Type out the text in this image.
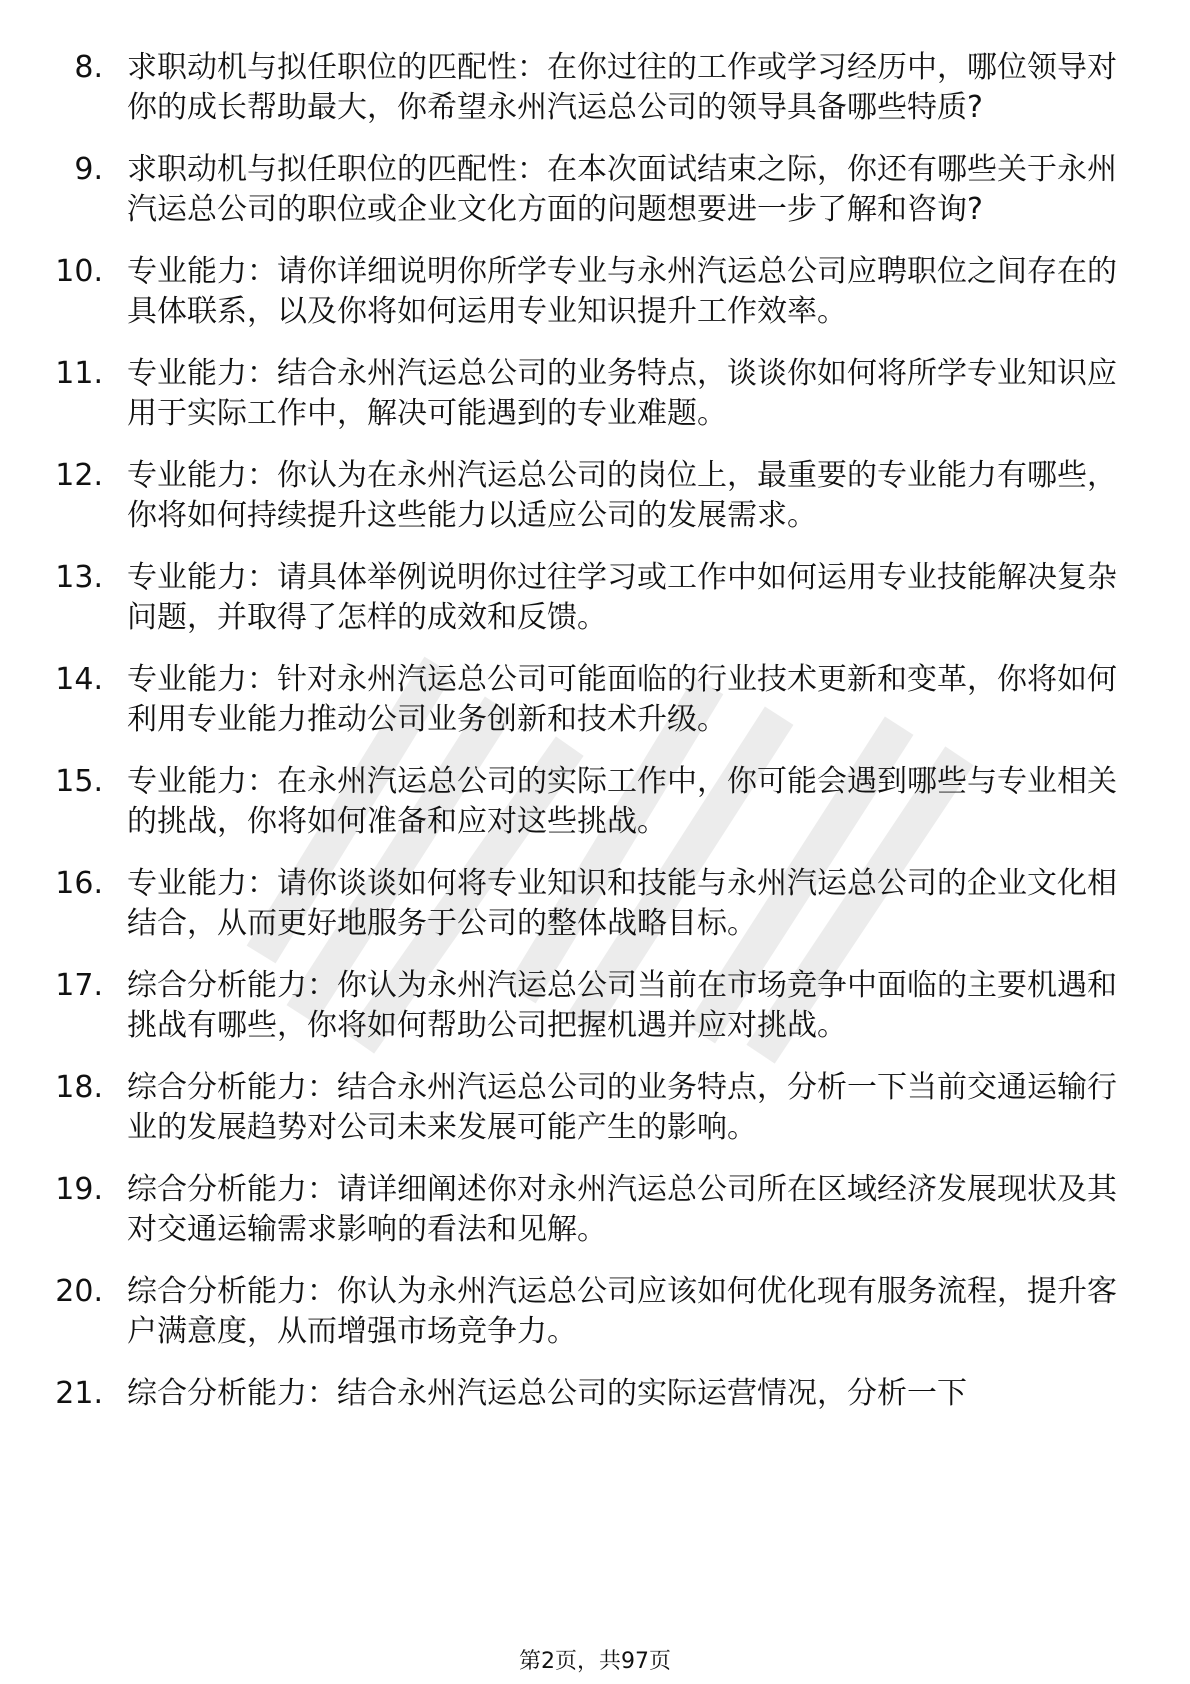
8. 求职动机与拟任职位的匹配性：在你过往的工作或学习经历中，哪位领导对你的成长帮助最大，你希望永州汽运总公司的领导具备哪些特质?
9. 求职动机与拟任职位的匹配性：在本次面试结束之际，你还有哪些关于永州汽运总公司的职位或企业文化方面的问题想要进一步了解和咨询?
10. 专业能力：请你详细说明你所学专业与永州汽运总公司应聘职位之间存在的具体联系，以及你将如何运用专业知识提升工作效率。
11. 专业能力：结合永州汽运总公司的业务特点，谈谈你如何将所学专业知识应用于实际工作中，解决可能遇到的专业难题。
12. 专业能力：你认为在永州汽运总公司的岗位上，最重要的专业能力有哪些，你将如何持续提升这些能力以适应公司的发展需求。
13. 专业能力：请具体举例说明你过往学习或工作中如何运用专业技能解决复杂问题，并取得了怎样的成效和反馈。
14. 专业能力：针对永州汽运总公司可能面临的行业技术更新和变革，你将如何利用专业能力推动公司业务创新和技术升级。
15. 专业能力：在永州汽运总公司的实际工作中，你可能会遇到哪些与专业相关的挑战，你将如何准备和应对这些挑战。
16. 专业能力：请你谈谈如何将专业知识和技能与永州汽运总公司的企业文化相结合，从而更好地服务于公司的整体战略目标。
17. 综合分析能力：你认为永州汽运总公司当前在市场竞争中面临的主要机遇和挑战有哪些，你将如何帮助公司把握机遇并应对挑战。
18. 综合分析能力：结合永州汽运总公司的业务特点，分析一下当前交通运输行业的发展趋势对公司未来发展可能产生的影响。
19. 综合分析能力：请详细阐述你对永州汽运总公司所在区域经济发展现状及其对交通运输需求影响的看法和见解。
20. 综合分析能力：你认为永州汽运总公司应该如何优化现有服务流程，提升客户满意度，从而增强市场竞争力。
21. 综合分析能力：结合永州汽运总公司的实际运营情况，分析一下
第2页，共97页
